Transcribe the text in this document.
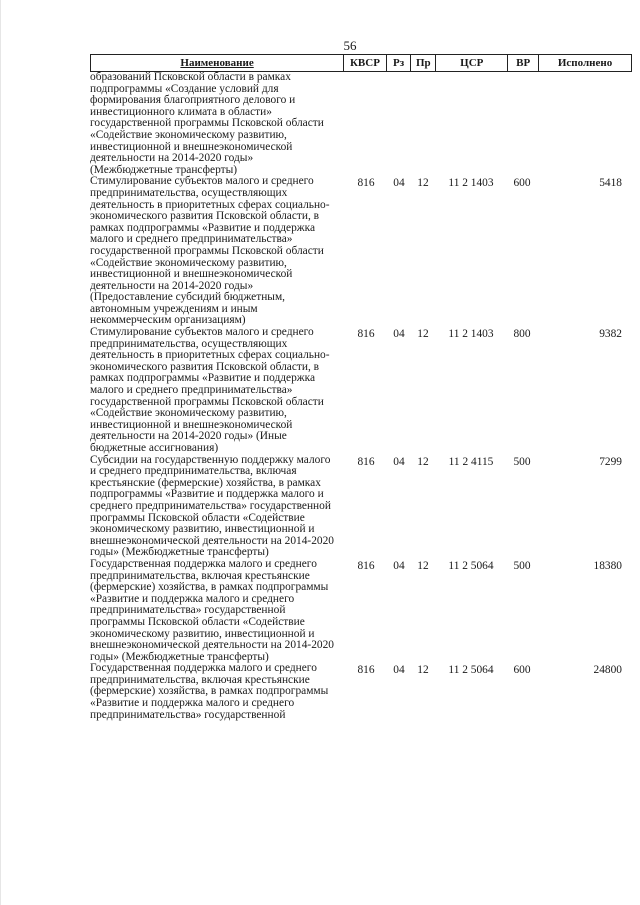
56
Наименование	КВСР	Рз	Пр	ЦСР	ВР	Исполнено
образований Псковской области в рамках
подпрограммы «Создание условий для
формирования благоприятного делового и
инвестиционного климата в области»
государственной программы Псковской области
«Содействие экономическому развитию,
инвестиционной и внешнеэкономической
деятельности на 2014-2020 годы»
(Межбюджетные трансферты)
Стимулирование субъектов малого и среднего
предпринимательства, осуществляющих
деятельность в приоритетных сферах социально-
экономического развития Псковской области, в
рамках подпрограммы «Развитие и поддержка
малого и среднего предпринимательства»
государственной программы Псковской области
«Содействие экономическому развитию,
инвестиционной и внешнеэкономической
деятельности на 2014-2020 годы»
(Предоставление субсидий бюджетным,
автономным учреждениям и иным
некоммерческим организациям)
816	04	12	11 2 1403	600	5418
Стимулирование субъектов малого и среднего
предпринимательства, осуществляющих
деятельность в приоритетных сферах социально-
экономического развития Псковской области, в
рамках подпрограммы «Развитие и поддержка
малого и среднего предпринимательства»
государственной программы Псковской области
«Содействие экономическому развитию,
инвестиционной и внешнеэкономической
деятельности на 2014-2020 годы» (Иные
бюджетные ассигнования)
816	04	12	11 2 1403	800	9382
Субсидии на государственную поддержку малого
и среднего предпринимательства, включая
крестьянские (фермерские) хозяйства, в рамках
подпрограммы «Развитие и поддержка малого и
среднего предпринимательства» государственной
программы Псковской области «Содействие
экономическому развитию, инвестиционной и
внешнеэкономической деятельности на 2014-2020
годы» (Межбюджетные трансферты)
816	04	12	11 2 4115	500	7299
Государственная поддержка малого и среднего
предпринимательства, включая крестьянские
(фермерские) хозяйства, в рамках подпрограммы
«Развитие и поддержка малого и среднего
предпринимательства» государственной
программы Псковской области «Содействие
экономическому развитию, инвестиционной и
внешнеэкономической деятельности на 2014-2020
годы» (Межбюджетные трансферты)
816	04	12	11 2 5064	500	18380
Государственная поддержка малого и среднего
предпринимательства, включая крестьянские
(фермерские) хозяйства, в рамках подпрограммы
«Развитие и поддержка малого и среднего
предпринимательства» государственной
816	04	12	11 2 5064	600	24800
